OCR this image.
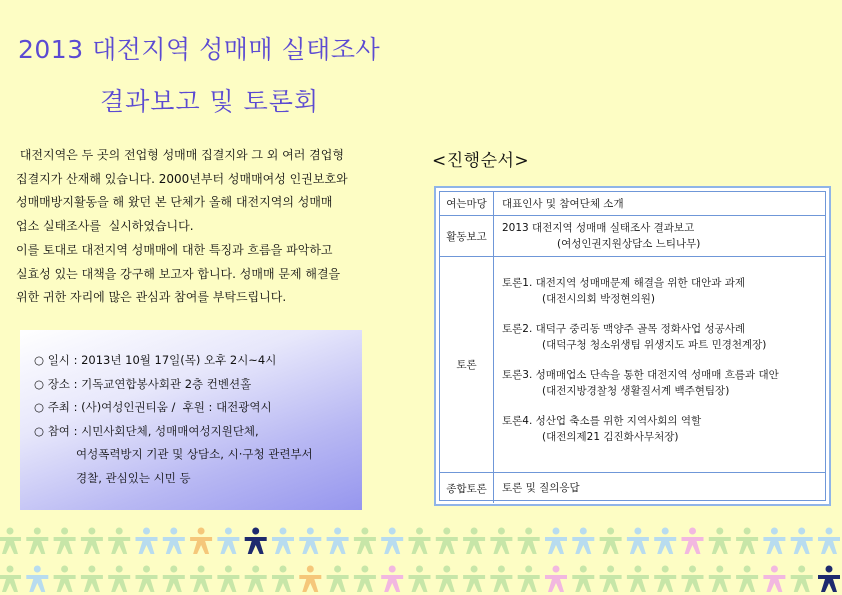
2013 대전지역 성매매 실태조사
결과보고 및 토론회
대전지역은 두 곳의 전업형 성매매 집결지와 그 외 여러 겸업형
집결지가 산재해 있습니다. 2000년부터 성매매여성 인권보호와
성매매방지활동을 해 왔던 본 단체가 올해 대전지역의 성매매
업소 실태조사를  실시하였습니다.
이를 토대로 대전지역 성매매에 대한 특징과 흐름을 파악하고
실효성 있는 대책을 강구해 보고자 합니다. 성매매 문제 해결을
위한 귀한 자리에 많은 관심과 참여를 부탁드립니다.
○ 일시 : 2013년 10월 17일(목) 오후 2시~4시
○ 장소 : 기독교연합봉사회관 2층 컨벤션홀
○ 주최 : (사)여성인권티움 /  후원 : 대전광역시
○ 참여 : 시민사회단체, 성매매여성지원단체,
여성폭력방지 기관 및 상담소, 시·구청 관련부서
경찰, 관심있는 시민 등
<진행순서>
여는마당	대표인사 및 참여단체 소개
활동보고
2013 대전지역 성매매 실태조사 결과보고
(여성인권지원상담소 느티나무)
토론
토론1. 대전지역 성매매문제 해결을 위한 대안과 과제
(대전시의회 박정현의원)
토론2. 대덕구 중리동 맥양주 골목 정화사업 성공사례
(대덕구청 청소위생팀 위생지도 파트 민경천계장)
토론3. 성매매업소 단속을 통한 대전지역 성매매 흐름과 대안
(대전지방경찰청 생활질서계 백주현팀장)
토론4. 성산업 축소를 위한 지역사회의 역할
(대전의제21 김진화사무처장)
종합토론	토론 및 질의응답
